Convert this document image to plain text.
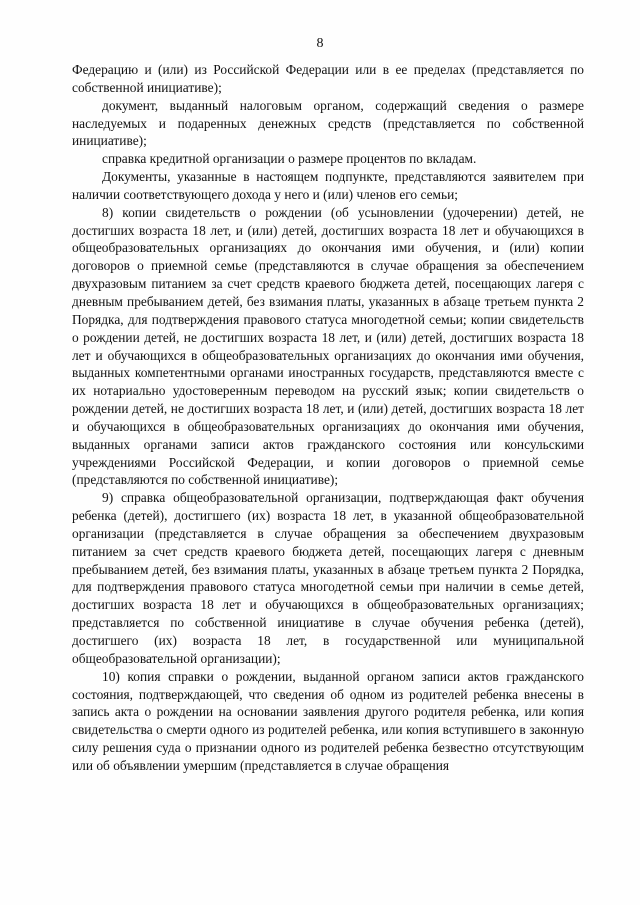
8

Федерацию и (или) из Российской Федерации или в ее пределах (представляется по собственной инициативе);

документ, выданный налоговым органом, содержащий сведения о размере наследуемых и подаренных денежных средств (представляется по собственной инициативе);

справка кредитной организации о размере процентов по вкладам.

Документы, указанные в настоящем подпункте, представляются заявителем при наличии соответствующего дохода у него и (или) членов его семьи;

8) копии свидетельств о рождении (об усыновлении (удочерении) детей, не достигших возраста 18 лет, и (или) детей, достигших возраста 18 лет и обучающихся в общеобразовательных организациях до окончания ими обучения, и (или) копии договоров о приемной семье (представляются в случае обращения за обеспечением двухразовым питанием за счет средств краевого бюджета детей, посещающих лагеря с дневным пребыванием детей, без взимания платы, указанных в абзаце третьем пункта 2 Порядка, для подтверждения правового статуса многодетной семьи; копии свидетельств о рождении детей, не достигших возраста 18 лет, и (или) детей, достигших возраста 18 лет и обучающихся в общеобразовательных организациях до окончания ими обучения, выданных компетентными органами иностранных государств, представляются вместе с их нотариально удостоверенным переводом на русский язык; копии свидетельств о рождении детей, не достигших возраста 18 лет, и (или) детей, достигших возраста 18 лет и обучающихся в общеобразовательных организациях до окончания ими обучения, выданных органами записи актов гражданского состояния или консульскими учреждениями Российской Федерации, и копии договоров о приемной семье (представляются по собственной инициативе);

9) справка общеобразовательной организации, подтверждающая факт обучения ребенка (детей), достигшего (их) возраста 18 лет, в указанной общеобразовательной организации (представляется в случае обращения за обеспечением двухразовым питанием за счет средств краевого бюджета детей, посещающих лагеря с дневным пребыванием детей, без взимания платы, указанных в абзаце третьем пункта 2 Порядка, для подтверждения правового статуса многодетной семьи при наличии в семье детей, достигших возраста 18 лет и обучающихся в общеобразовательных организациях; представляется по собственной инициативе в случае обучения ребенка (детей), достигшего (их) возраста 18 лет, в государственной или муниципальной общеобразовательной организации);

10) копия справки о рождении, выданной органом записи актов гражданского состояния, подтверждающей, что сведения об одном из родителей ребенка внесены в запись акта о рождении на основании заявления другого родителя ребенка, или копия свидетельства о смерти одного из родителей ребенка, или копия вступившего в законную силу решения суда о признании одного из родителей ребенка безвестно отсутствующим или об объявлении умершим (представляется в случае обращения
